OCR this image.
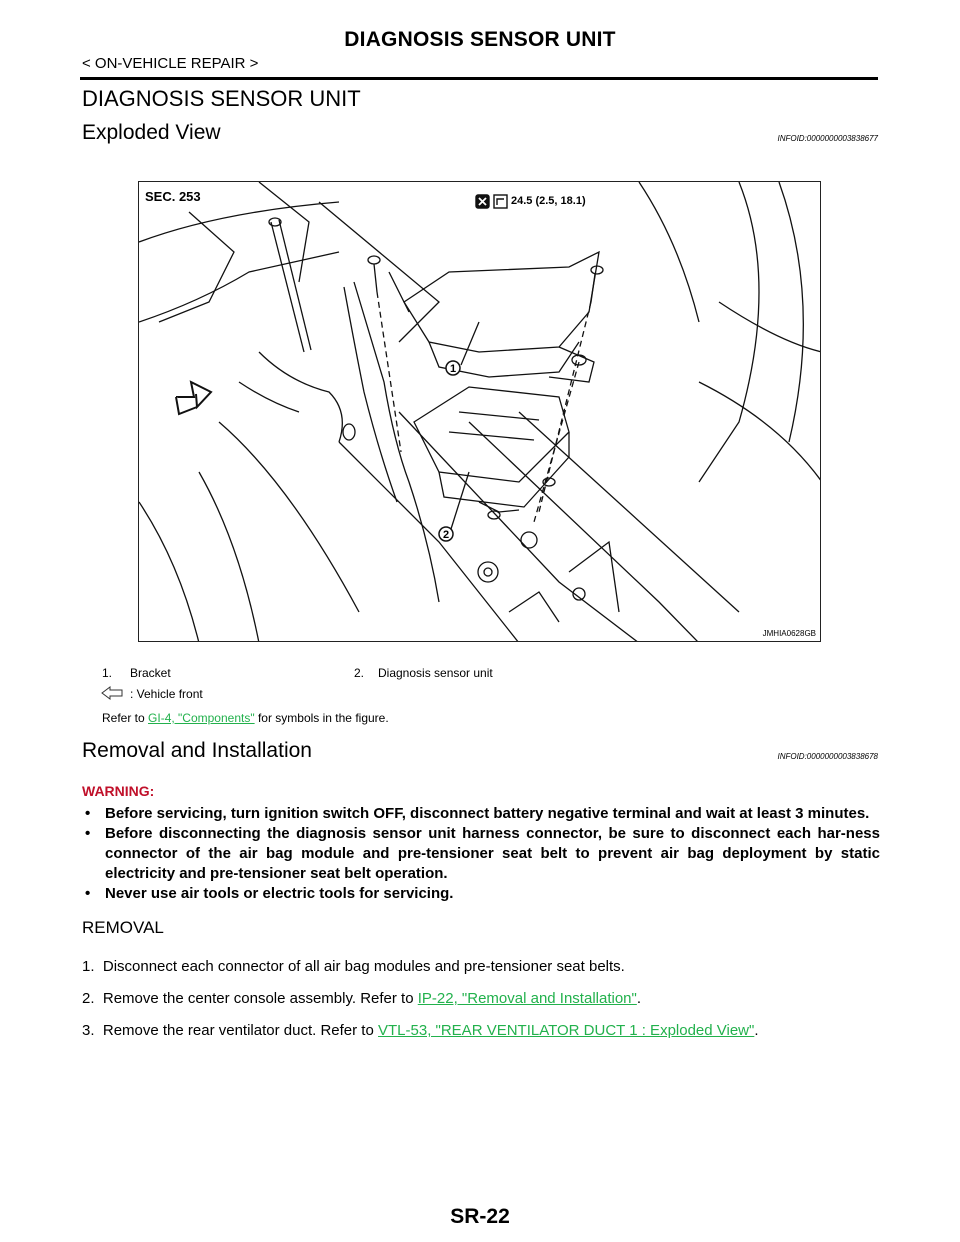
DIAGNOSIS SENSOR UNIT
< ON-VEHICLE REPAIR >
DIAGNOSIS SENSOR UNIT
Exploded View	INFOID:0000000003838677
1
2
SEC. 253	24.5 (2.5, 18.1)
JMHIA0628GB
1. Bracket	2. Diagnosis sensor unit
: Vehicle front
Refer to GI-4, "Components" for symbols in the figure.
Removal and Installation	INFOID:0000000003838678
WARNING:
• Before servicing, turn ignition switch OFF, disconnect battery negative terminal and wait at least 3 minutes.
• Before disconnecting the diagnosis sensor unit harness connector, be sure to disconnect each har-ness connector of the air bag module and pre-tensioner seat belt to prevent air bag deployment by static electricity and pre-tensioner seat belt operation.
• Never use air tools or electric tools for servicing.
REMOVAL
1. Disconnect each connector of all air bag modules and pre-tensioner seat belts.
2. Remove the center console assembly. Refer to IP-22, "Removal and Installation".
3. Remove the rear ventilator duct. Refer to VTL-53, "REAR VENTILATOR DUCT 1 : Exploded View".
SR-22
